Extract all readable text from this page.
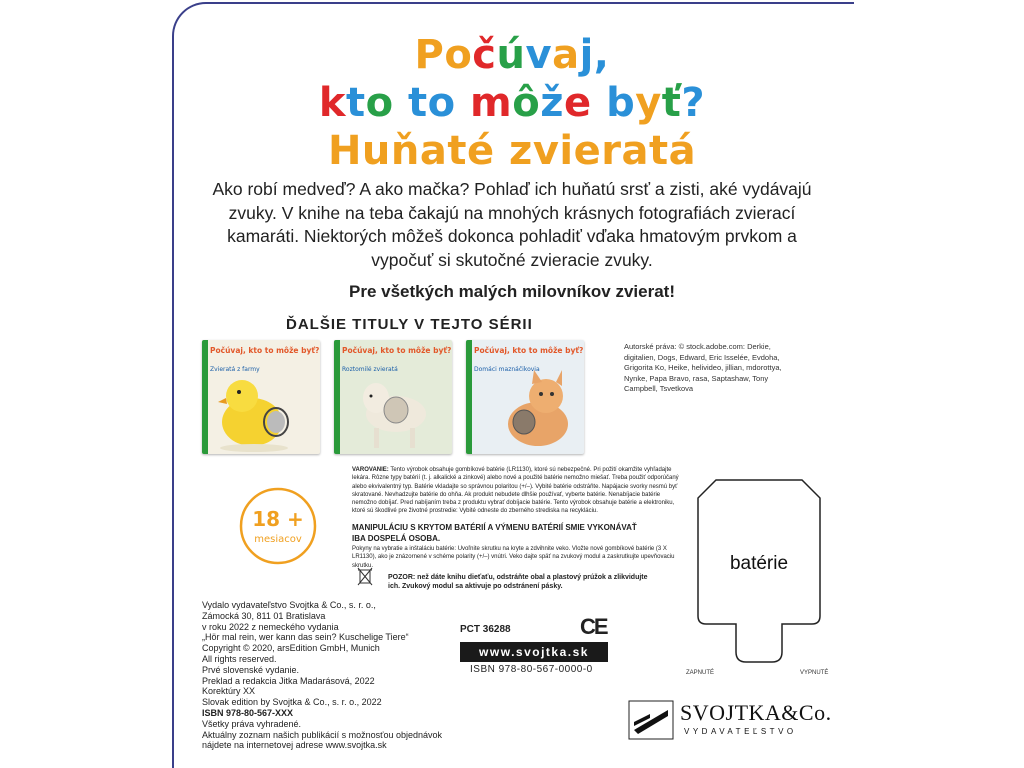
Počúvaj,
kto to môže byť?
Huňaté zvieratá
Ako robí medveď? A ako mačka? Pohlaď ich huňatú srsť a zisti, aké vydávajú zvuky. V knihe na teba čakajú na mnohých krásnych fotografiách zvierací kamaráti. Niektorých môžeš dokonca pohladiť vďaka hmatovým prvkom a vypočuť si skutočné zvieracie zvuky.
Pre všetkých malých milovníkov zvierat!
ĎALŠIE TITULY V TEJTO SÉRII
Počúvaj, kto to môže byť?
Zvieratá z farmy
Počúvaj, kto to môže byť?
Roztomilé zvieratá
Počúvaj, kto to môže byť?
Domáci maznáčikovia
Autorské práva: © stock.adobe.com: Derkie, digitalien, Dogs, Edward, Eric Isselée, Evdoha, Grigorita Ko, Heike, helivideo, jillian, mdorottya, Nynke, Papa Bravo, rasa, Saptashaw, Tony Campbell, Tsvetkova
18 +
mesiacov
VAROVANIE: Tento výrobok obsahuje gombíkové batérie (LR1130), ktoré sú nebezpečné. Pri požití okamžite vyhľadajte lekára. Rôzne typy batérií (t. j. alkalické a zinkové) alebo nové a použité batérie nemožno miešať. Treba použiť odporúčaný alebo ekvivalentný typ. Batérie vkladajte so správnou polaritou (+/–). Vybité batérie odstráňte. Napájacie svorky nesmú byť skratované. Nevhadzujte batérie do ohňa. Ak produkt nebudete dlhšie používať, vyberte batérie. Nenabíjacie batérie nemožno dobíjať. Pred nabíjaním treba z produktu vybrať dobíjacie batérie. Tento výrobok obsahuje batérie a elektroniku, ktoré sú škodlivé pre životné prostredie: Vybité odneste do zberného strediska na recykláciu.
MANIPULÁCIU S KRYTOM BATÉRIÍ A VÝMENU BATÉRIÍ SMIE VYKONÁVAŤ IBA DOSPELÁ OSOBA.
Pokyny na vybratie a inštaláciu batérie: Uvoľnite skrutku na kryte a zdvihnite veko. Vložte nové gombíkové batérie (3 X LR1130), ako je znázornené v schéme polarity (+/–) vnútri. Veko dajte späť na zvukový modul a zaskrutkujte upevňovaciu skrutku.
POZOR: než dáte knihu dieťaťu, odstráňte obal a plastový prúžok a zlikvidujte ich. Zvukový modul sa aktivuje po odstránení pásky.
batérie
ZAPNUTÉ	VYPNUTÉ
Vydalo vydavateľstvo Svojtka & Co., s. r. o.,
Zámocká 30, 811 01 Bratislava
v roku 2022 z nemeckého vydania
„Hör mal rein, wer kann das sein? Kuschelige Tiere“
Copyright © 2020, arsEdition GmbH, Munich
All rights reserved.
Prvé slovenské vydanie.
Preklad a redakcia Jitka Madarásová, 2022
Korektúry XX
Slovak edition by Svojtka & Co., s. r. o., 2022
ISBN 978-80-567-XXX
Všetky práva vyhradené.
Aktuálny zoznam našich publikácií s možnosťou objednávok
nájdete na internetovej adrese www.svojtka.sk
PCT 36288	CE
www.svojtka.sk
ISBN 978-80-567-0000-0
SVOJTKA&Co.
VYDAVATEĽSTVO
